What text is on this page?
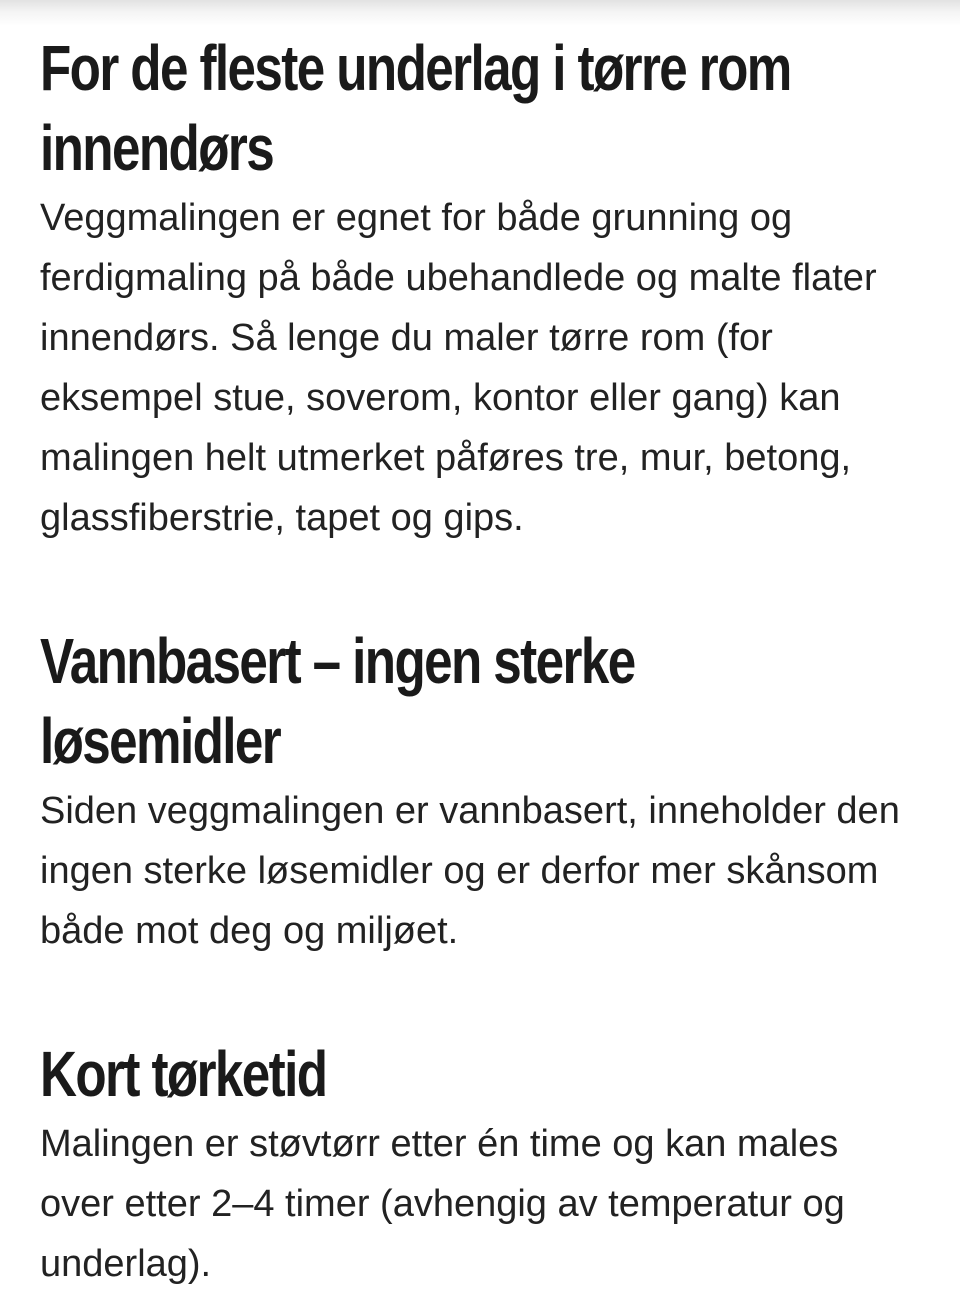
For de fleste underlag i tørre rom
innendørs

Veggmalingen er egnet for både grunning og ferdigmaling på både ubehandlede og malte flater innendørs. Så lenge du maler tørre rom (for eksempel stue, soverom, kontor eller gang) kan malingen helt utmerket påføres tre, mur, betong, glassfiberstrie, tapet og gips.

Vannbasert – ingen sterke
løsemidler

Siden veggmalingen er vannbasert, inneholder den ingen sterke løsemidler og er derfor mer skånsom både mot deg og miljøet.

Kort tørketid

Malingen er støvtørr etter én time og kan males over etter 2–4 timer (avhengig av temperatur og underlag).
